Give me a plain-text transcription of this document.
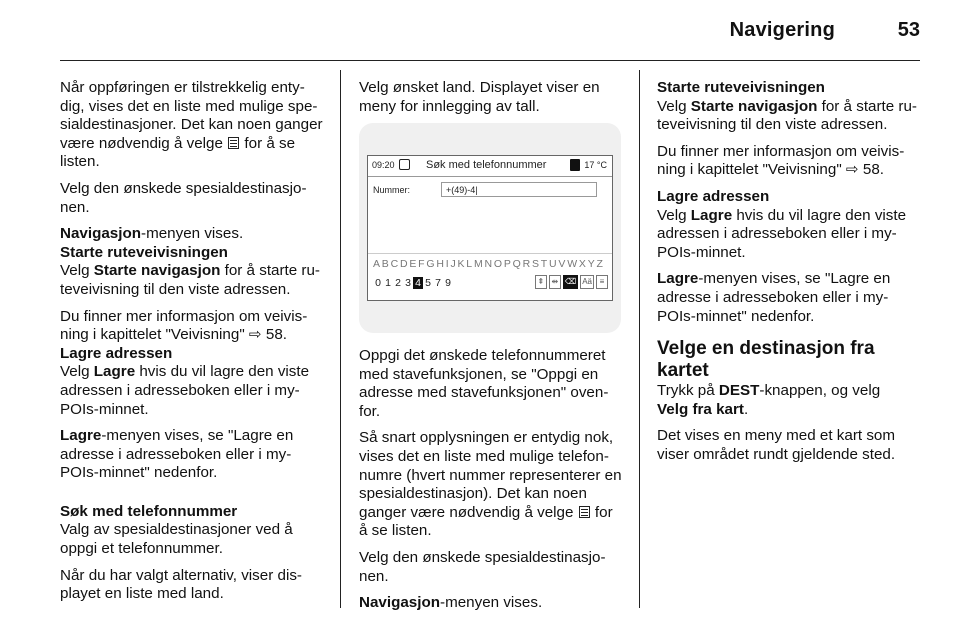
Navigering	53

Når oppføringen er tilstrekkelig enty-dig, vises det en liste med mulige spe-sialdestinasjoner. Det kan noen ganger være nødvendig å velge for å se listen.

Velg den ønskede spesialdestinasjo-nen.

Navigasjon-menyen vises.

Starte ruteveivisningen

Velg Starte navigasjon for å starte ru-teveivisning til den viste adressen.

Du finner mer informasjon om veivis-ning i kapittelet "Veivisning" ⇨ 58.

Lagre adressen

Velg Lagre hvis du vil lagre den viste adressen i adresseboken eller i my-POIs-minnet.

Lagre-menyen vises, se "Lagre en adresse i adresseboken eller i my-POIs-minnet" nedenfor.

Søk med telefonnummer

Valg av spesialdestinasjoner ved å oppgi et telefonnummer.

Når du har valgt alternativ, viser dis-playet en liste med land.

Velg ønsket land. Displayet viser en meny for innlegging av tall.

09:20	Søk med telefonnummer	17 °C
Nummer:	+(49)-4|
ABCDEFGHIJKLMNOPQRSTUVWXYZ
0 1 2 3 4 5 7 9	⇞ ⇹ ⌫ Aä ≡

Oppgi det ønskede telefonnummeret med stavefunksjonen, se "Oppgi en adresse med stavefunksjonen" oven-for.

Så snart opplysningen er entydig nok, vises det en liste med mulige telefon-numre (hvert nummer representerer en spesialdestinasjon). Det kan noen ganger være nødvendig å velge for å se listen.

Velg den ønskede spesialdestinasjo-nen.

Navigasjon-menyen vises.

Starte ruteveivisningen

Velg Starte navigasjon for å starte ru-teveivisning til den viste adressen.

Du finner mer informasjon om veivis-ning i kapittelet "Veivisning" ⇨ 58.

Lagre adressen

Velg Lagre hvis du vil lagre den viste adressen i adresseboken eller i my-POIs-minnet.

Lagre-menyen vises, se "Lagre en adresse i adresseboken eller i my-POIs-minnet" nedenfor.

Velge en destinasjon fra kartet

Trykk på DEST-knappen, og velg
Velg fra kart.

Det vises en meny med et kart som viser området rundt gjeldende sted.
